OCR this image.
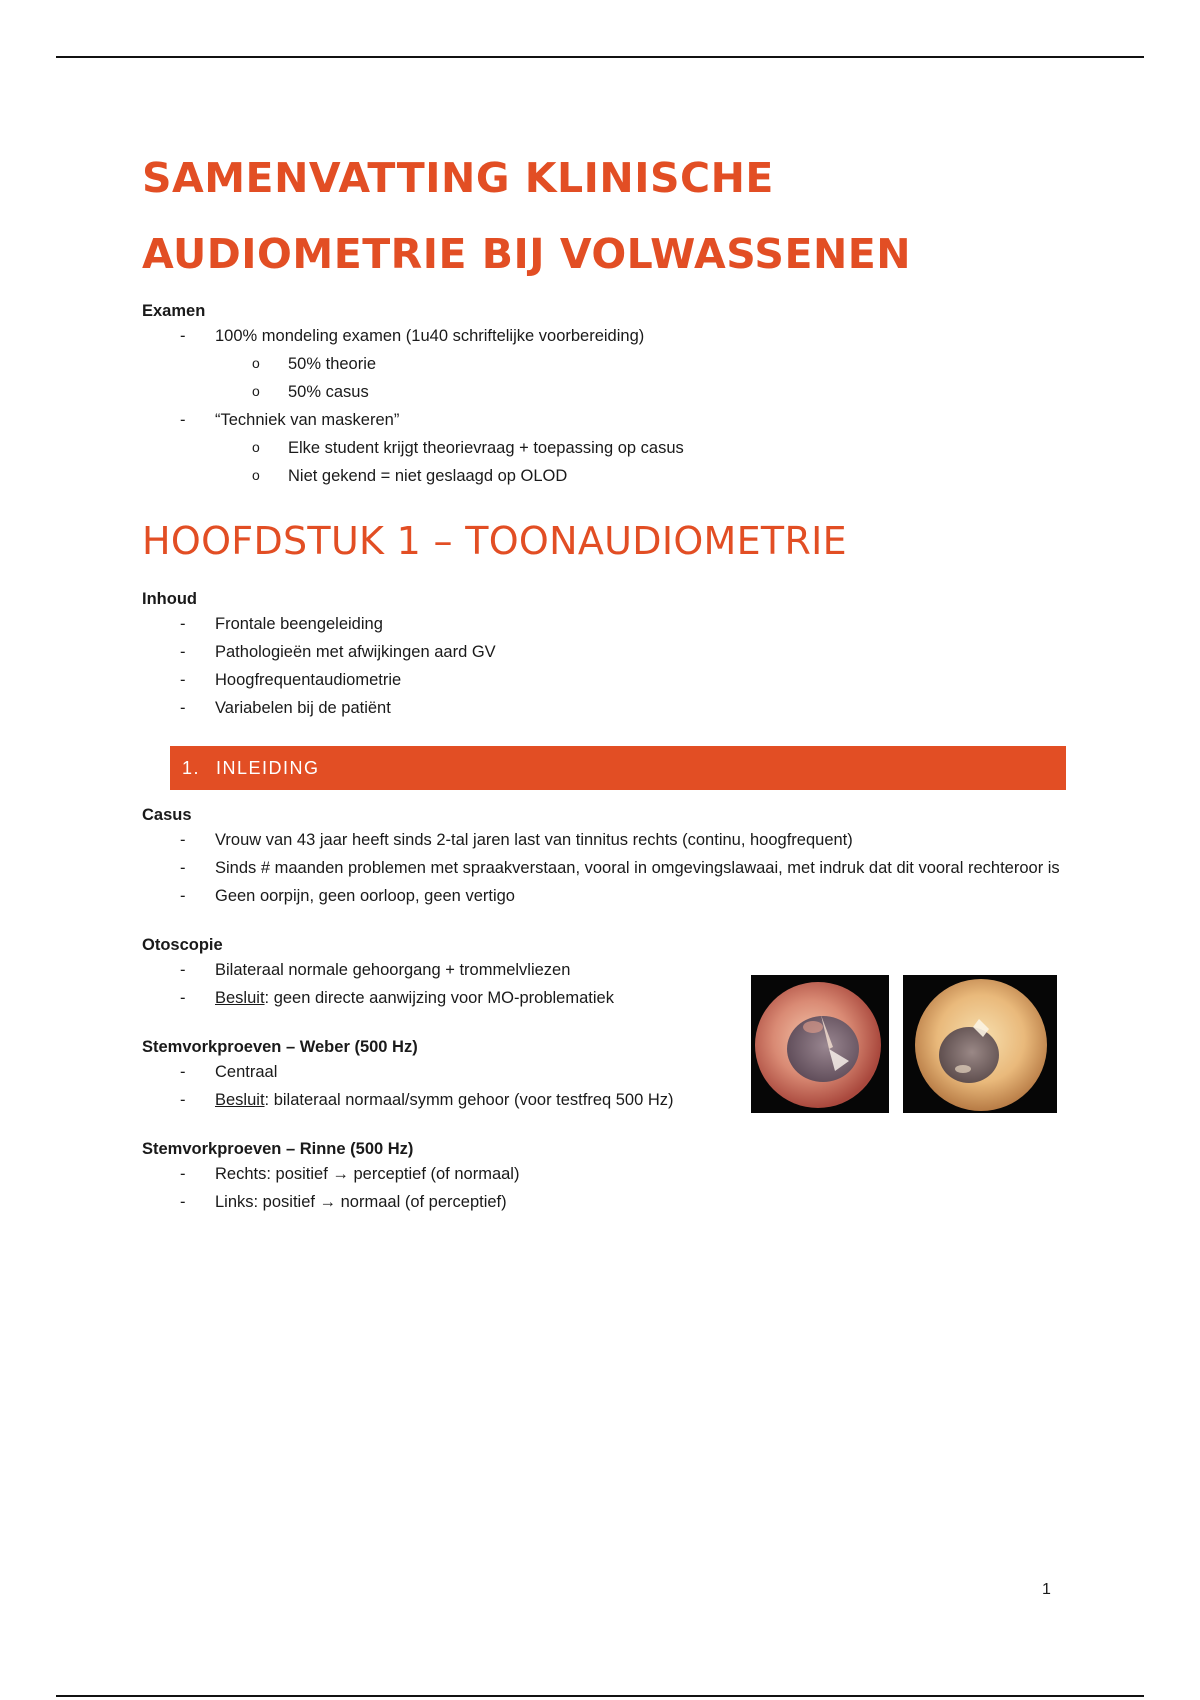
SAMENVATTING KLINISCHE
AUDIOMETRIE BIJ VOLWASSENEN

Examen

- 100% mondeling examen (1u40 schriftelijke voorbereiding)
o 50% theorie
o 50% casus
- “Techniek van maskeren”
o Elke student krijgt theorievraag + toepassing op casus
o Niet gekend = niet geslaagd op OLOD
HOOFDSTUK 1 – TOONAUDIOMETRIE

Inhoud

- Frontale beengeleiding
- Pathologieën met afwijkingen aard GV
- Hoogfrequentaudiometrie
- Variabelen bij de patiënt
1. INLEIDING

Casus

- Vrouw van 43 jaar heeft sinds 2-tal jaren last van tinnitus rechts (continu, hoogfrequent)
- Sinds # maanden problemen met spraakverstaan, vooral in omgevingslawaai, met indruk dat dit vooral rechteroor is
- Geen oorpijn, geen oorloop, geen vertigo

Otoscopie

- Bilateraal normale gehoorgang + trommelvliezen
- Besluit: geen directe aanwijzing voor MO-problematiek

Stemvorkproeven – Weber (500 Hz)

- Centraal
- Besluit: bilateraal normaal/symm gehoor (voor testfreq 500 Hz)

Stemvorkproeven – Rinne (500 Hz)

- Rechts: positief → perceptief (of normaal)
- Links: positief → normaal (of perceptief)
1
